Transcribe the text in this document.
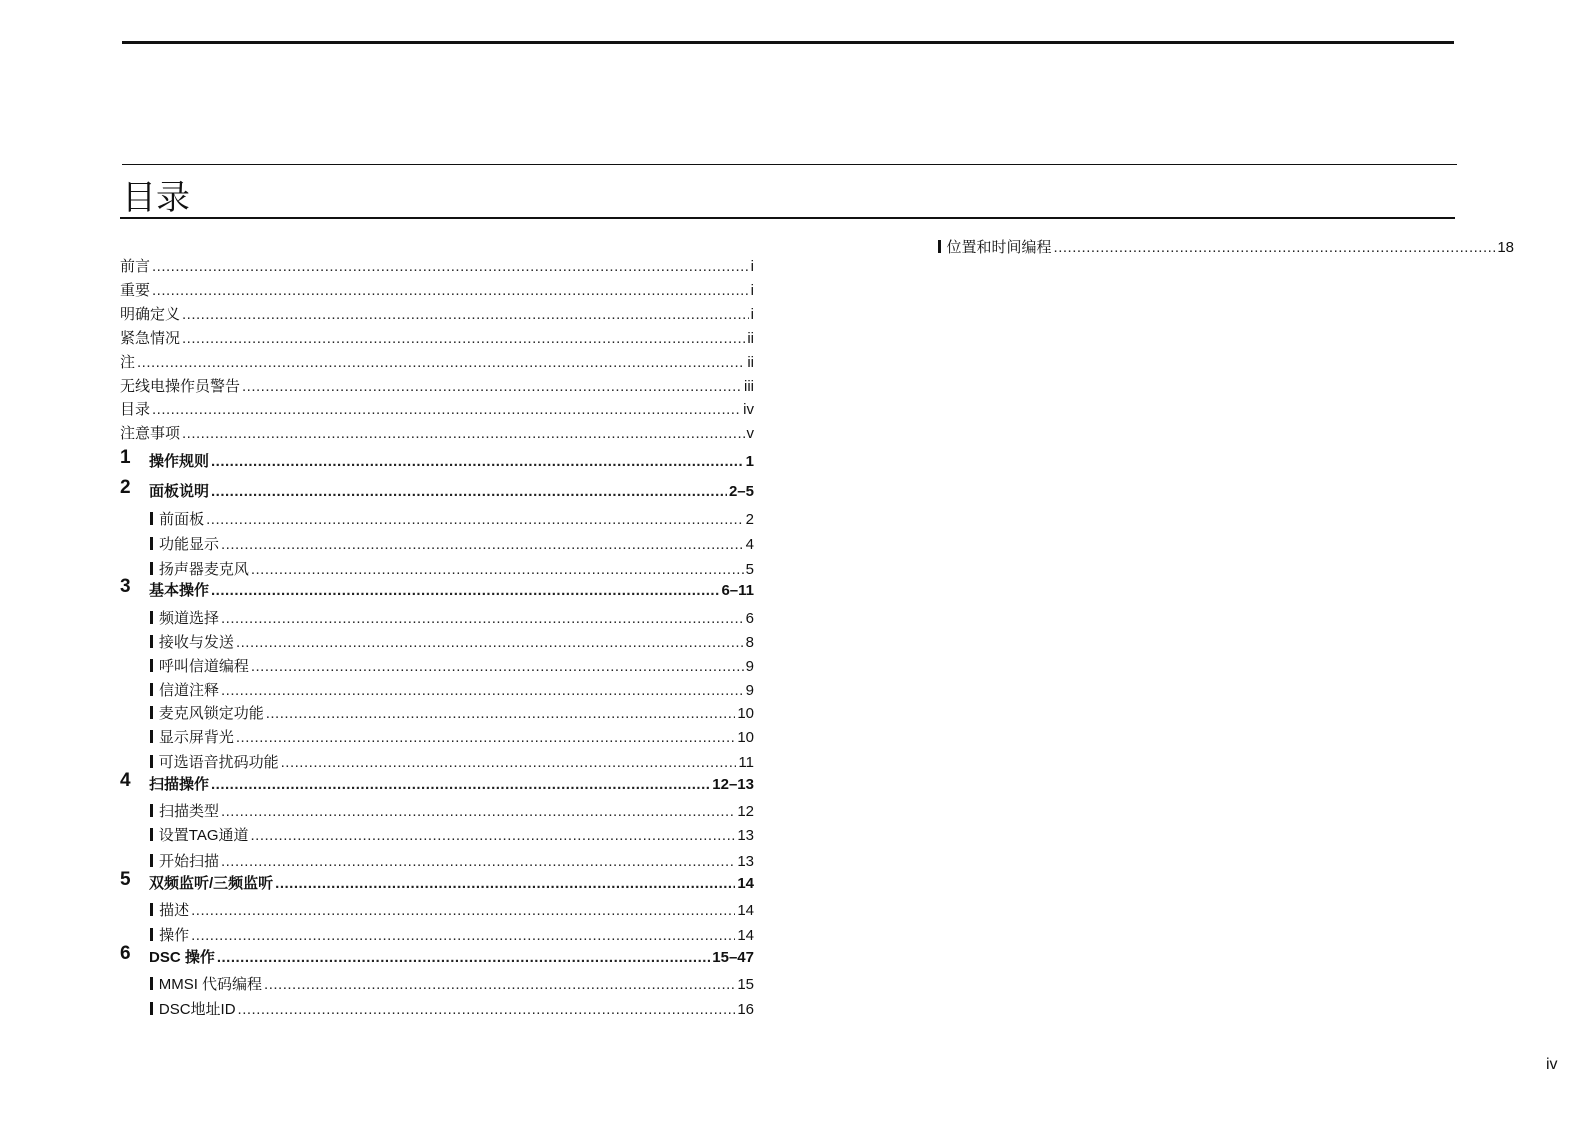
目录
前言 .....	i
重要 .....	i
明确定义 .....	i
紧急情况 .....	ii
注 .....	ii
无线电操作员警告 .....	iii
目录 .....	iv
注意事项 .....	v
1 操作规则 .....	1
2 面板说明 .....	2–5
前面板 .....	2
功能显示 .....	4
扬声器麦克风 .....	5
3 基本操作 .....	6–11
频道选择 .....	6
接收与发送 .....	8
呼叫信道编程 .....	9
信道注释 .....	9
麦克风锁定功能 .....	10
显示屏背光 .....	10
可选语音扰码功能 .....	11
4 扫描操作 .....	12–13
扫描类型 .....	12
设置TAG通道 .....	13
开始扫描 .....	13
5 双频监听/三频监听 .....	14
描述 .....	14
操作 .....	14
6 DSC 操作 .....	15–47
MMSI 代码编程 .....	15
DSC地址ID .....	16
位置和时间编程 .....	18
iv
